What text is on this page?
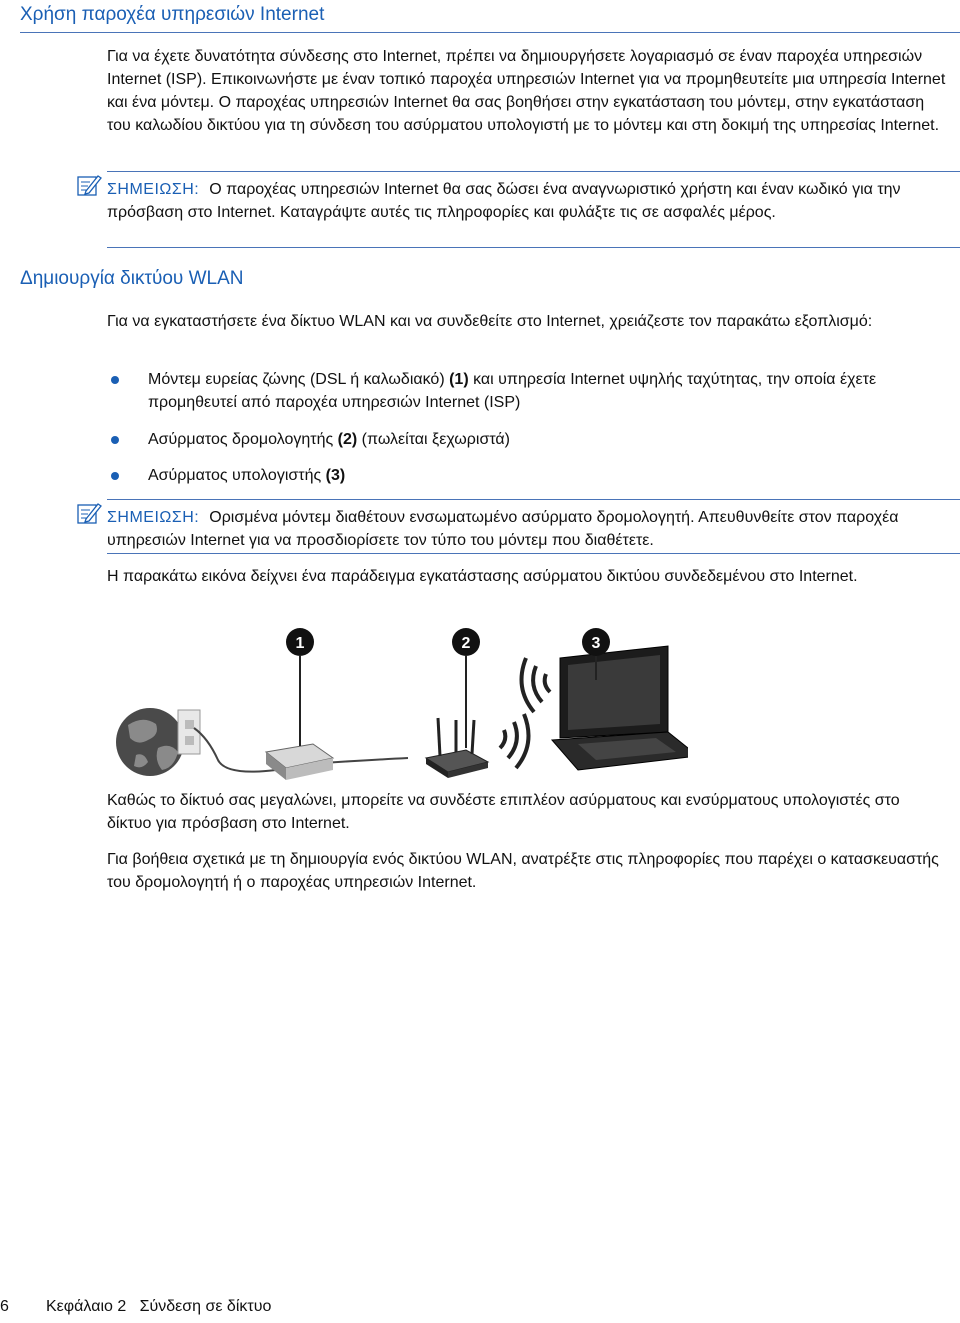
Χρήση παροχέα υπηρεσιών Internet

Για να έχετε δυνατότητα σύνδεσης στο Internet, πρέπει να δημιουργήσετε λογαριασμό σε έναν παροχέα υπηρεσιών Internet (ISP). Επικοινωνήστε με έναν τοπικό παροχέα υπηρεσιών Internet για να προμηθευτείτε μια υπηρεσία Internet και ένα μόντεμ. Ο παροχέας υπηρεσιών Internet θα σας βοηθήσει στην εγκατάσταση του μόντεμ, στην εγκατάσταση του καλωδίου δικτύου για τη σύνδεση του ασύρματου υπολογιστή με το μόντεμ και στη δοκιμή της υπηρεσίας Internet.

ΣΗΜΕΙΩΣΗ: Ο παροχέας υπηρεσιών Internet θα σας δώσει ένα αναγνωριστικό χρήστη και έναν κωδικό για την πρόσβαση στο Internet. Καταγράψτε αυτές τις πληροφορίες και φυλάξτε τις σε ασφαλές μέρος.
Δημιουργία δικτύου WLAN

Για να εγκαταστήσετε ένα δίκτυο WLAN και να συνδεθείτε στο Internet, χρειάζεστε τον παρακάτω εξοπλισμό:

Μόντεμ ευρείας ζώνης (DSL ή καλωδιακό) (1) και υπηρεσία Internet υψηλής ταχύτητας, την οποία έχετε προμηθευτεί από παροχέα υπηρεσιών Internet (ISP)
Ασύρματος δρομολογητής (2) (πωλείται ξεχωριστά)
Ασύρματος υπολογιστής (3)
ΣΗΜΕΙΩΣΗ: Ορισμένα μόντεμ διαθέτουν ενσωματωμένο ασύρματο δρομολογητή. Απευθυνθείτε στον παροχέα υπηρεσιών Internet για να προσδιορίσετε τον τύπο του μόντεμ που διαθέτετε.

Η παρακάτω εικόνα δείχνει ένα παράδειγμα εγκατάστασης ασύρματου δικτύου συνδεδεμένου στο Internet.

1	2	3

Καθώς το δίκτυό σας μεγαλώνει, μπορείτε να συνδέστε επιπλέον ασύρματους και ενσύρματους υπολογιστές στο δίκτυο για πρόσβαση στο Internet.

Για βοήθεια σχετικά με τη δημιουργία ενός δικτύου WLAN, ανατρέξτε στις πληροφορίες που παρέχει ο κατασκευαστής του δρομολογητή ή ο παροχέας υπηρεσιών Internet.

6 Κεφάλαιο 2   Σύνδεση σε δίκτυο
